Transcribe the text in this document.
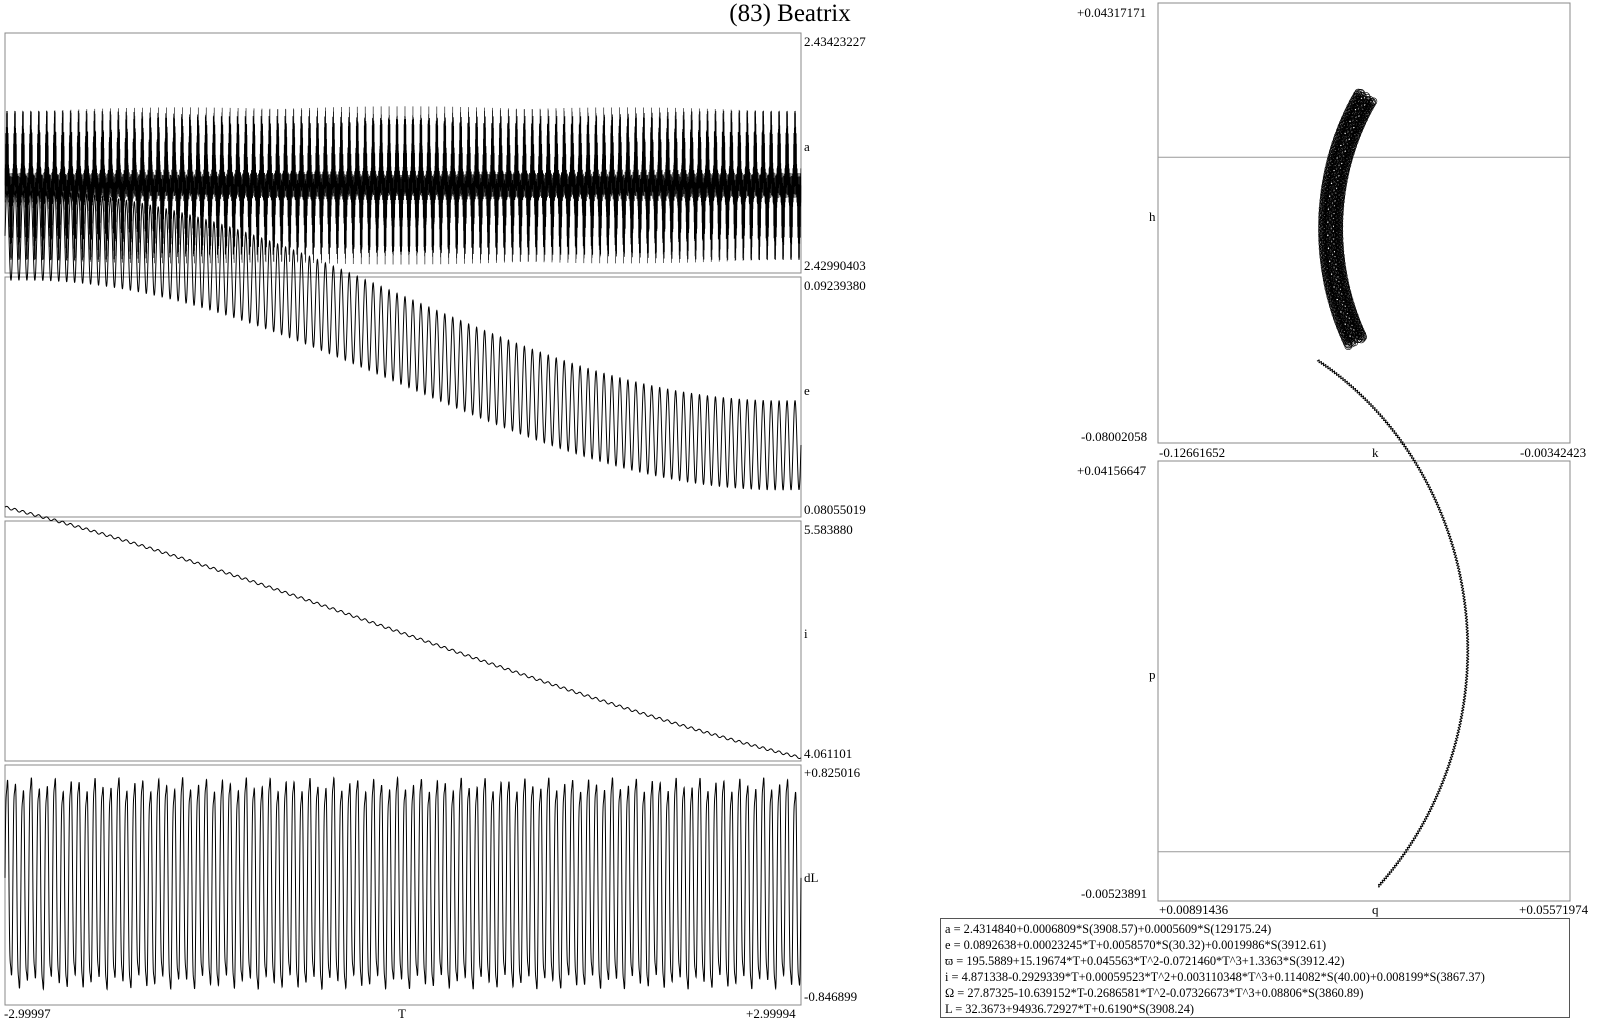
(83) Beatrix
2.43423227
a
2.42990403
0.09239380
e
0.08055019
5.583880
i
4.061101
+0.825016
dL
-0.846899
-2.99997	T	+2.99994
+0.04317171
h
-0.08002058
-0.12661652	k	-0.00342423
+0.04156647
p
-0.00523891
+0.00891436	q	+0.05571974
a = 2.4314840+0.0006809*S(3908.57)+0.0005609*S(129175.24)
e = 0.0892638+0.00023245*T+0.0058570*S(30.32)+0.0019986*S(3912.61)
ϖ = 195.5889+15.19674*T+0.045563*T^2-0.0721460*T^3+1.3363*S(3912.42)
i = 4.871338-0.2929339*T+0.00059523*T^2+0.003110348*T^3+0.114082*S(40.00)+0.008199*S(3867.37)
Ω = 27.87325-10.639152*T-0.2686581*T^2-0.07326673*T^3+0.08806*S(3860.89)
L = 32.3673+94936.72927*T+0.6190*S(3908.24)
